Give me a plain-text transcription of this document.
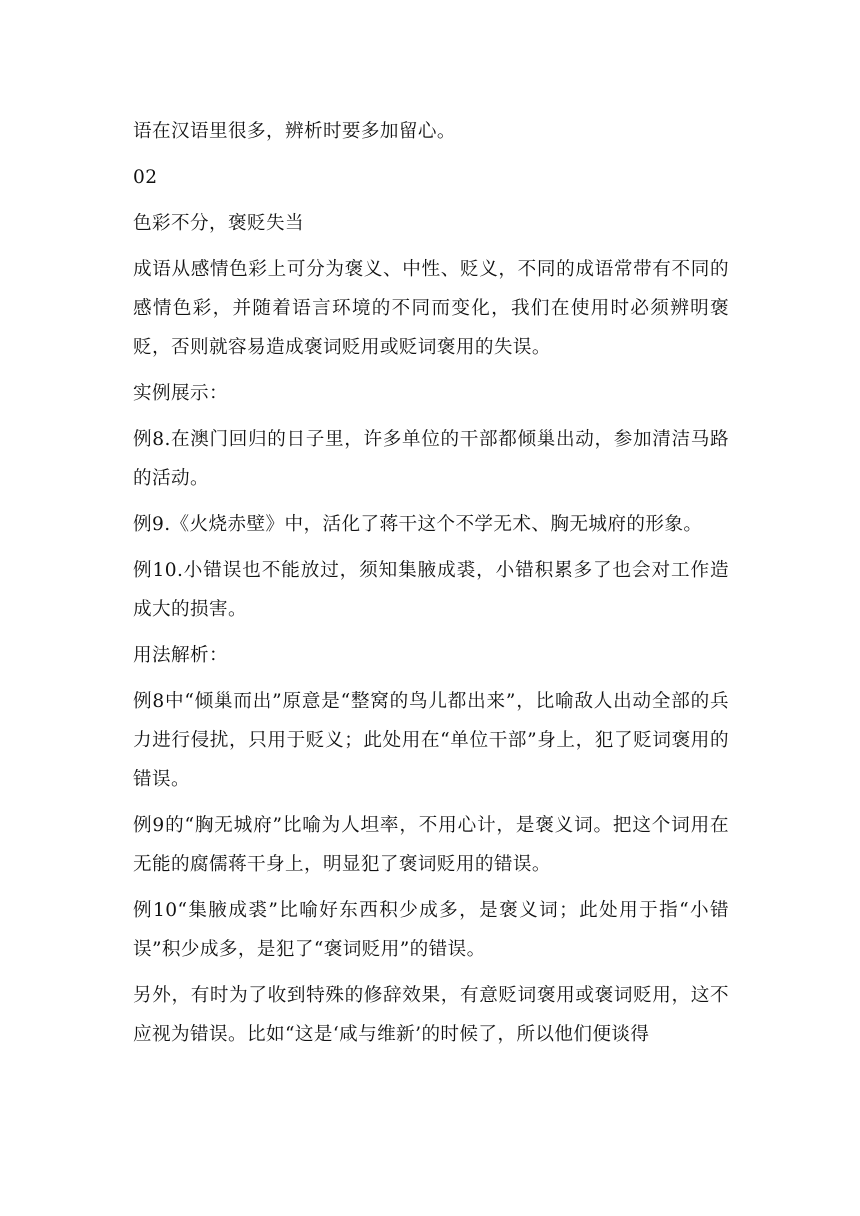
语在汉语里很多，辨析时要多加留心。

02

色彩不分，褒贬失当

成语从感情色彩上可分为褒义、中性、贬义，不同的成语常带有不同的感情色彩，并随着语言环境的不同而变化，我们在使用时必须辨明褒贬，否则就容易造成褒词贬用或贬词褒用的失误。

实例展示：

例8.在澳门回归的日子里，许多单位的干部都倾巢出动，参加清洁马路的活动。

例9.《火烧赤壁》中，活化了蒋干这个不学无术、胸无城府的形象。

例10.小错误也不能放过，须知集腋成裘，小错积累多了也会对工作造成大的损害。

用法解析：

例8中“倾巢而出”原意是“整窝的鸟儿都出来”，比喻敌人出动全部的兵力进行侵扰，只用于贬义；此处用在“单位干部”身上，犯了贬词褒用的错误。

例9的“胸无城府”比喻为人坦率，不用心计，是褒义词。把这个词用在无能的腐儒蒋干身上，明显犯了褒词贬用的错误。

例10“集腋成裘”比喻好东西积少成多，是褒义词；此处用于指“小错误”积少成多，是犯了“褒词贬用”的错误。

另外，有时为了收到特殊的修辞效果，有意贬词褒用或褒词贬用，这不应视为错误。比如“这是‘咸与维新’的时候了，所以他们便谈得
